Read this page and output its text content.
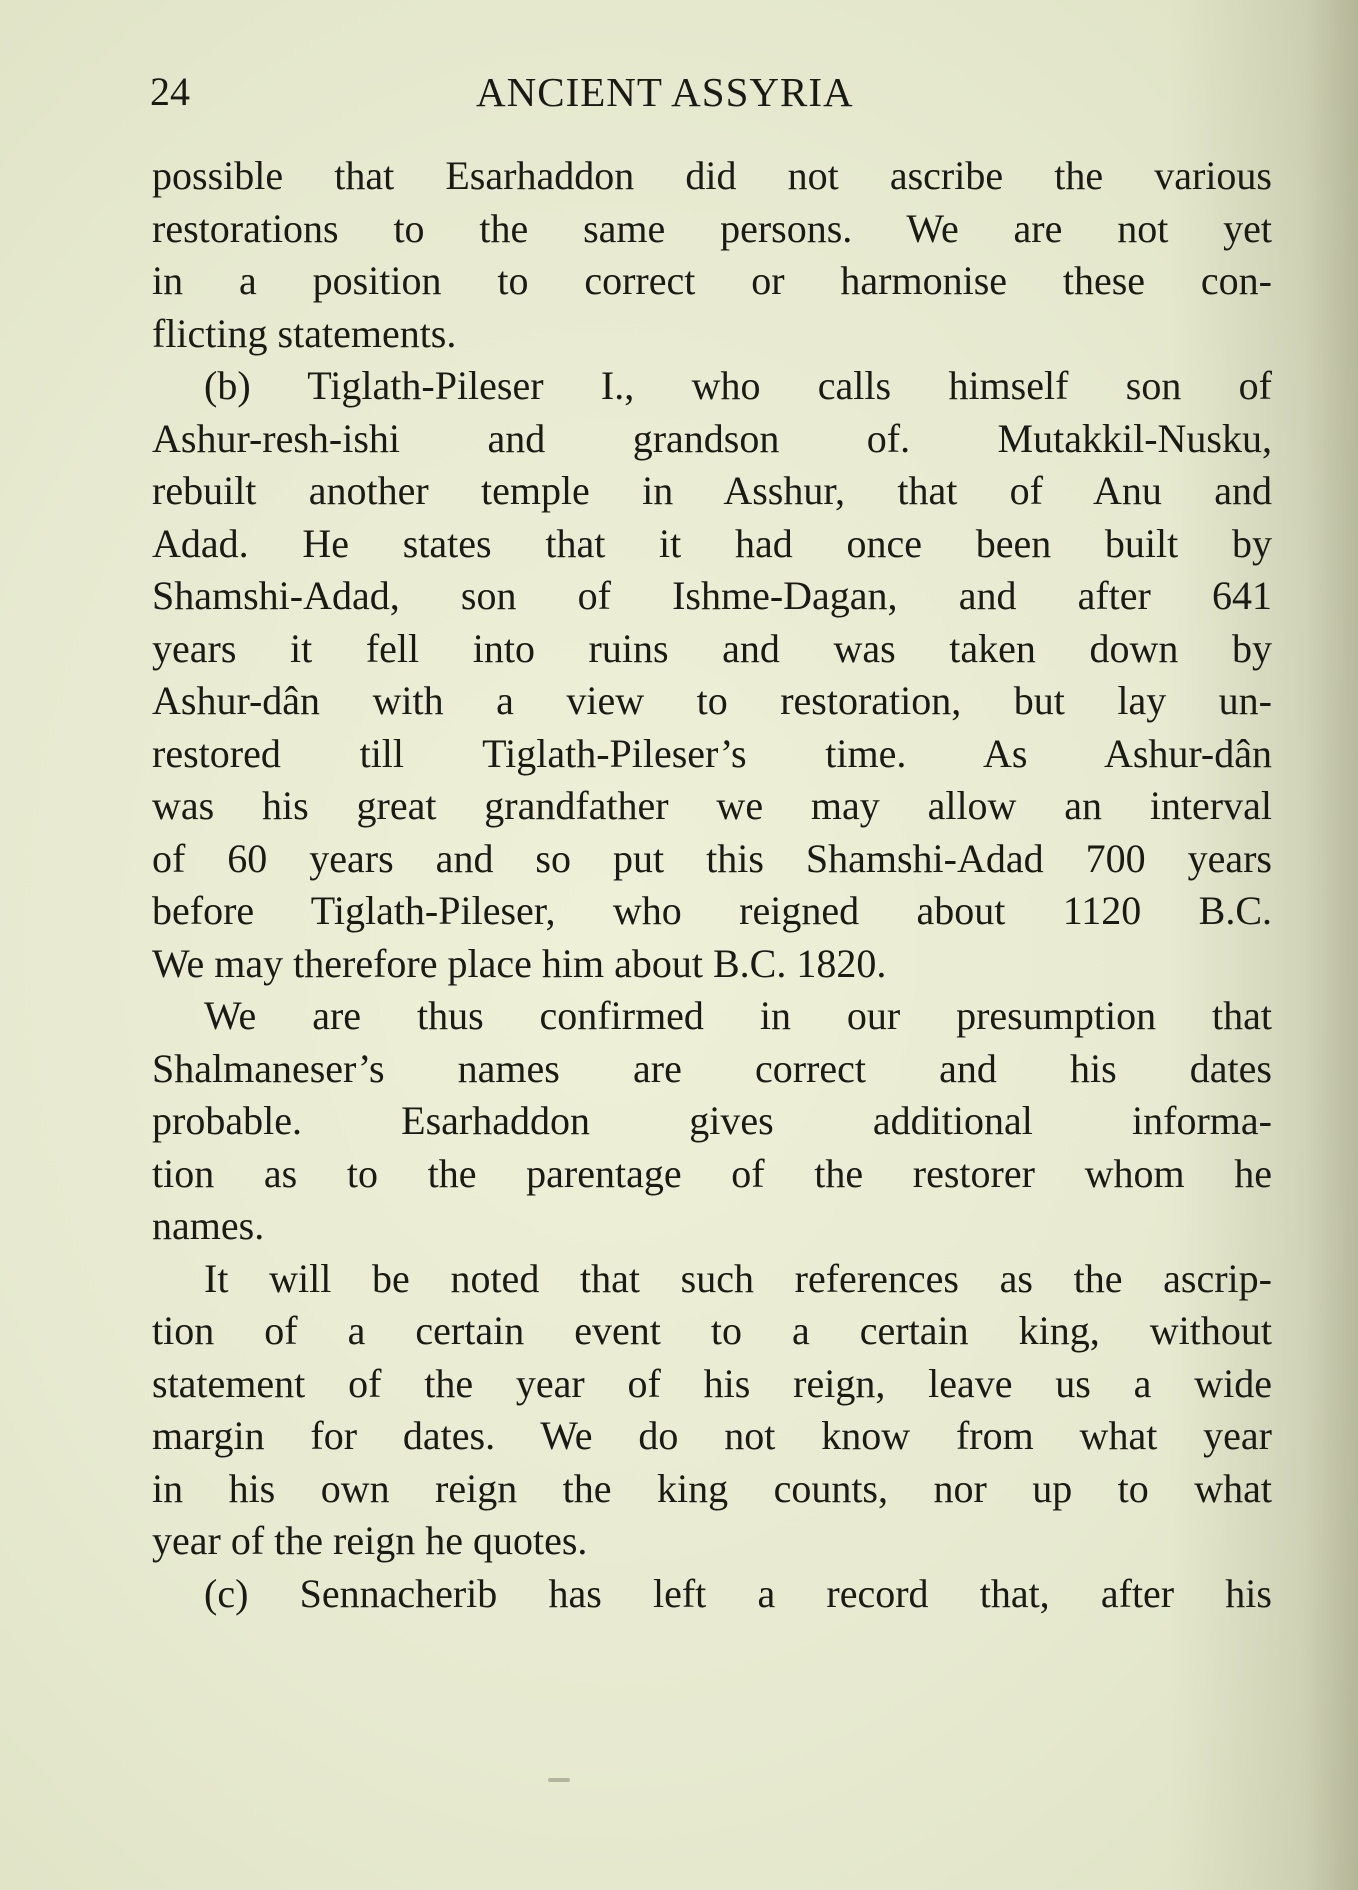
24	ANCIENT ASSYRIA
possible that Esarhaddon did not ascribe the various
restorations to the same persons. We are not yet
in a position to correct or harmonise these con-
flicting statements.
(b) Tiglath-Pileser I., who calls himself son of
Ashur-resh-ishi and grandson of. Mutakkil-Nusku,
rebuilt another temple in Asshur, that of Anu and
Adad. He states that it had once been built by
Shamshi-Adad, son of Ishme-Dagan, and after 641
years it fell into ruins and was taken down by
Ashur-dân with a view to restoration, but lay un-
restored till Tiglath-Pileser’s time. As Ashur-dân
was his great grandfather we may allow an interval
of 60 years and so put this Shamshi-Adad 700 years
before Tiglath-Pileser, who reigned about 1120 B.C.
We may therefore place him about B.C. 1820.
We are thus confirmed in our presumption that
Shalmaneser’s names are correct and his dates
probable. Esarhaddon gives additional informa-
tion as to the parentage of the restorer whom he
names.
It will be noted that such references as the ascrip-
tion of a certain event to a certain king, without
statement of the year of his reign, leave us a wide
margin for dates. We do not know from what year
in his own reign the king counts, nor up to what
year of the reign he quotes.
(c) Sennacherib has left a record that, after his
